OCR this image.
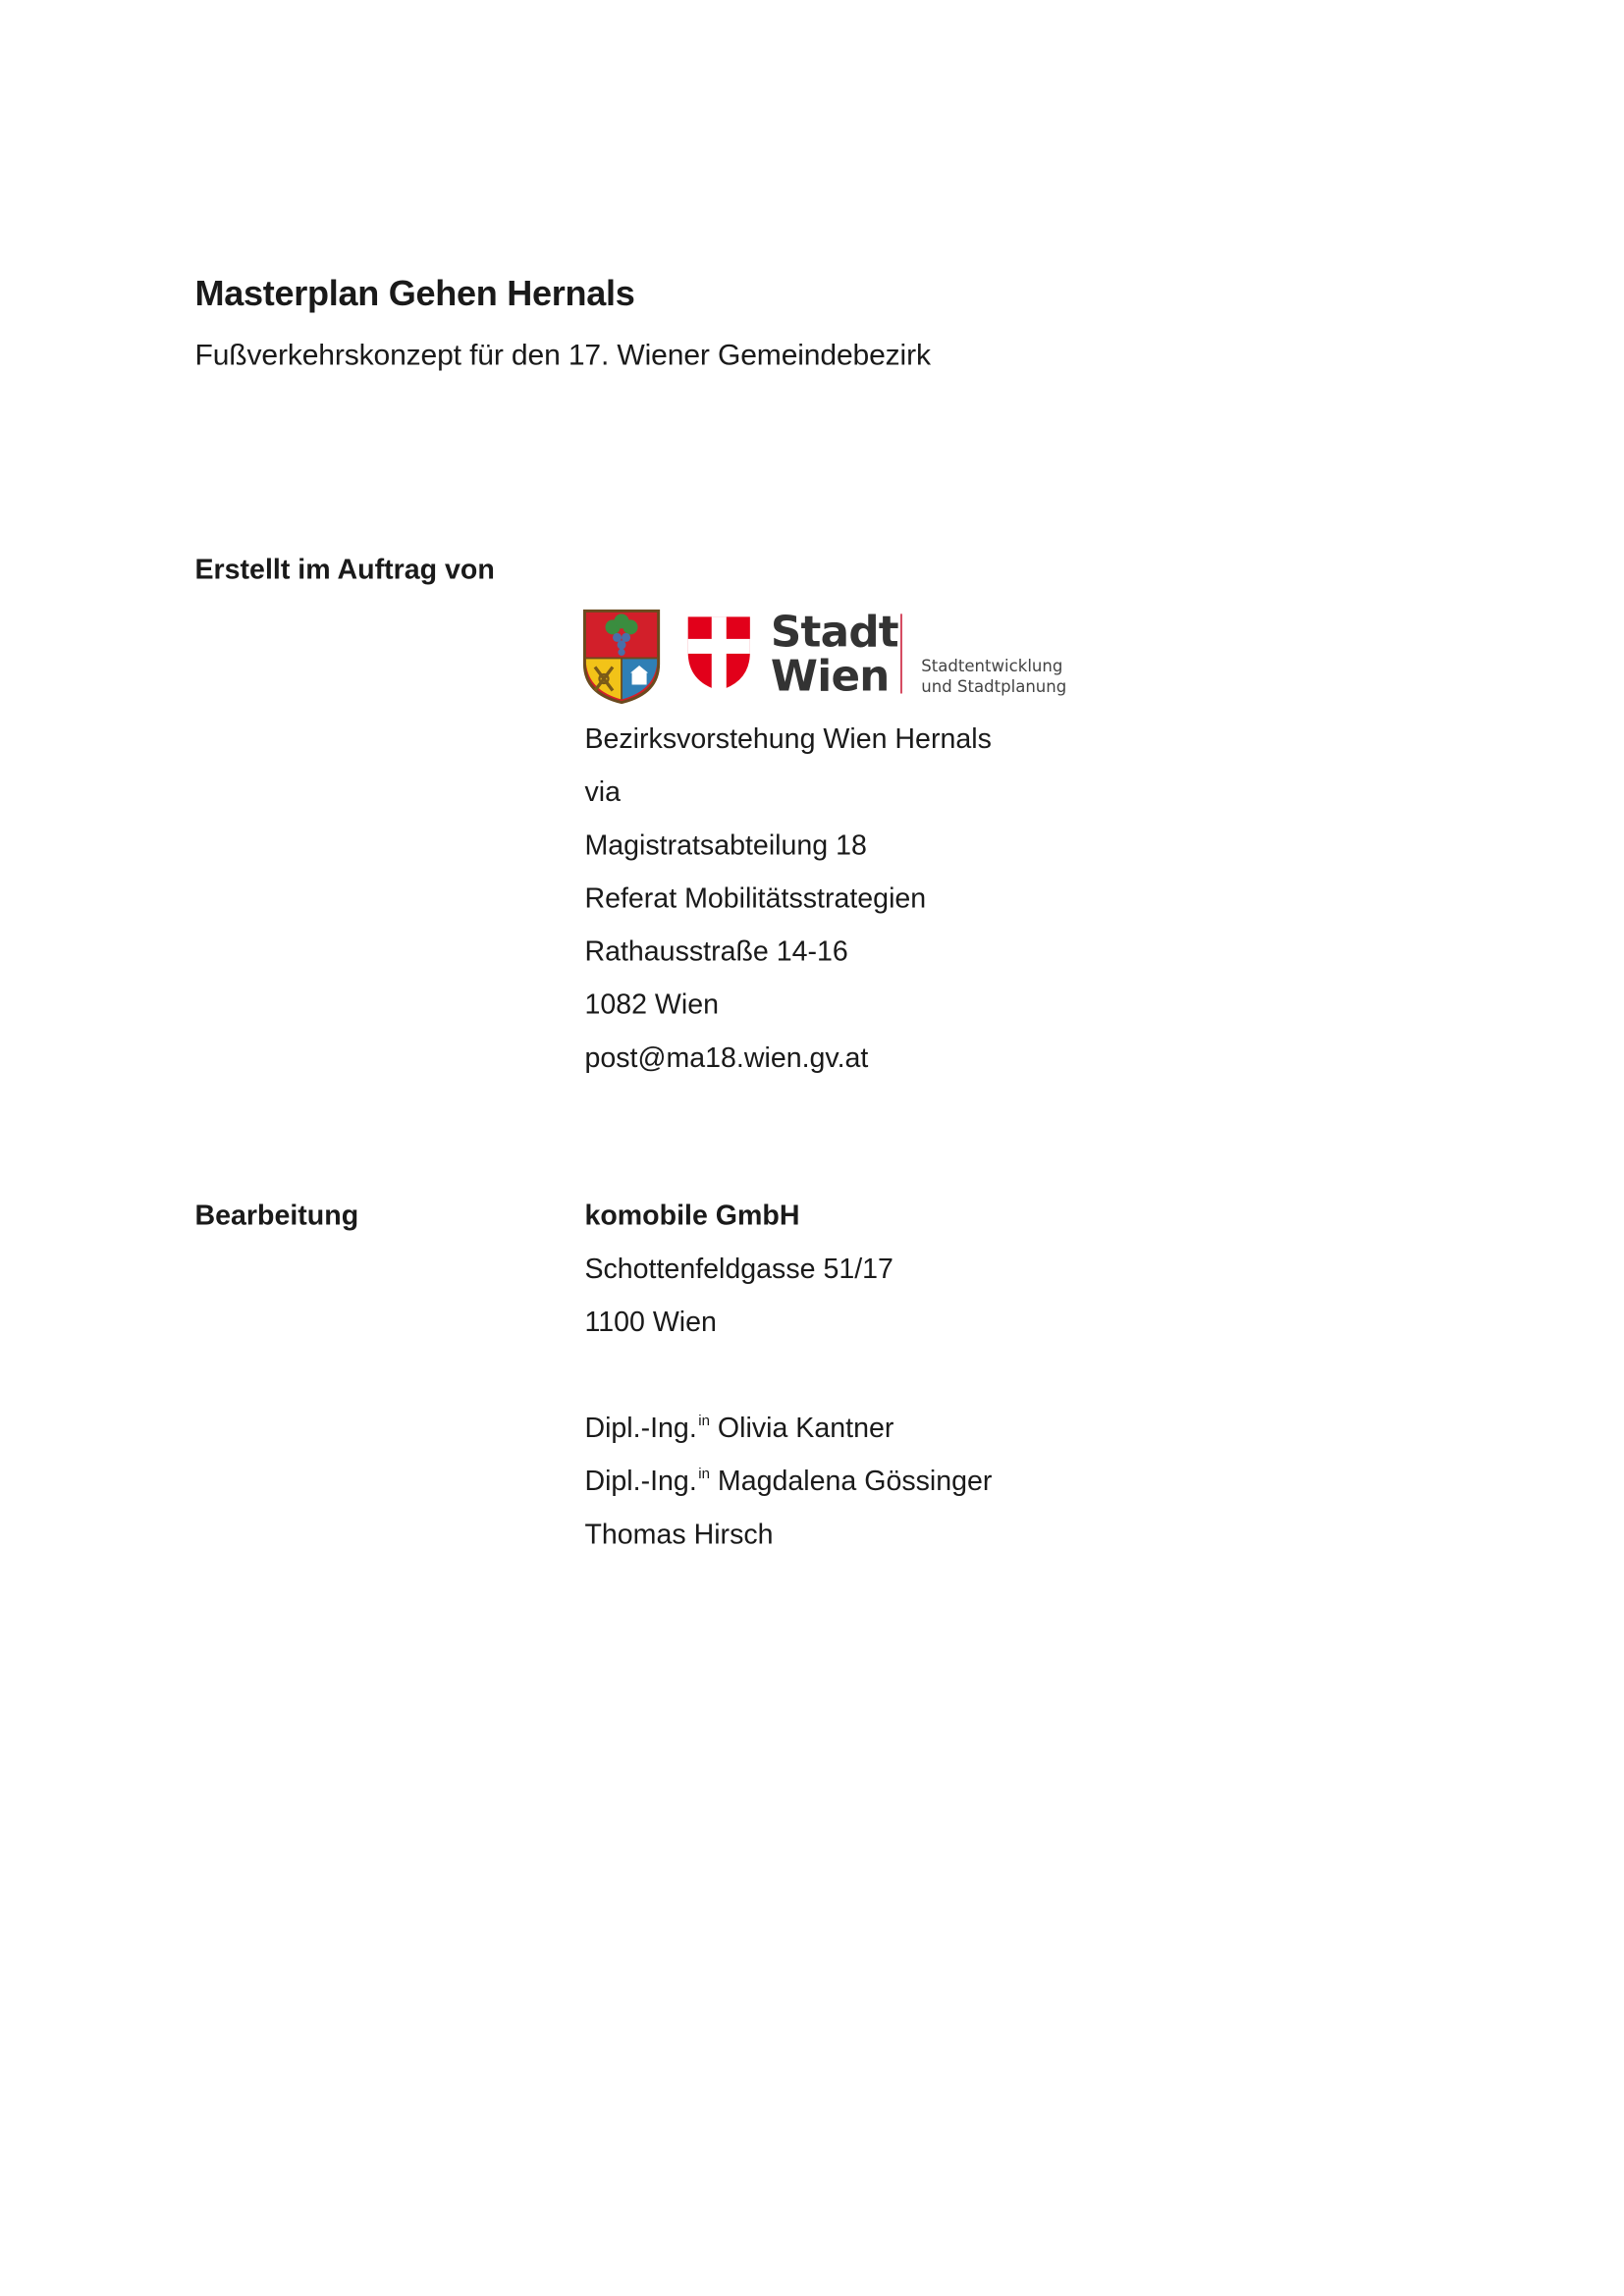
Masterplan Gehen Hernals
Fußverkehrskonzept für den 17. Wiener Gemeindebezirk
Erstellt im Auftrag von
Stadt
Wien	Stadtentwicklung
und Stadtplanung
Bezirksvorstehung Wien Hernals
via
Magistratsabteilung 18
Referat Mobilitätsstrategien
Rathausstraße 14-16
1082 Wien
post@ma18.wien.gv.at
Bearbeitung	komobile GmbH
Schottenfeldgasse 51/17
1100 Wien
Dipl.-Ing. $^{in}$ Olivia Kantner
Dipl.-Ing. $^{in}$ Magdalena Gössinger
Thomas Hirsch
